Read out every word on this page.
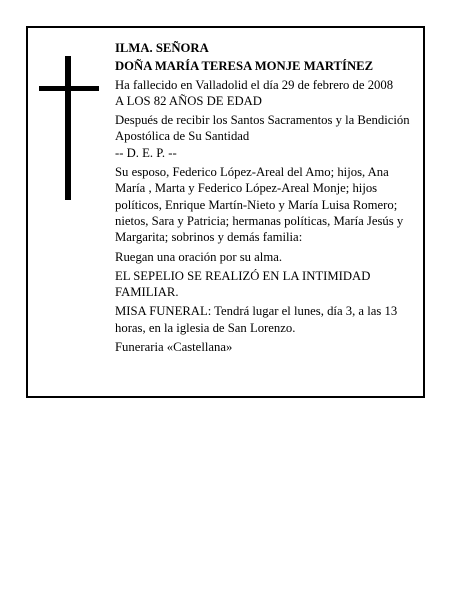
ILMA. SEÑORA

DOÑA MARÍA TERESA MONJE MARTÍNEZ

Ha fallecido en Valladolid el día 29 de febrero de 2008

A LOS 82 AÑOS DE EDAD

Después de recibir los Santos Sacramentos y la Bendición Apostólica de Su Santidad

-- D. E. P. --

Su esposo, Federico López-Areal del Amo; hijos, Ana María , Marta y Federico López-Areal Monje; hijos políticos, Enrique Martín-Nieto y María Luisa Romero; nietos, Sara y Patricia; hermanas políticas, María Jesús y Margarita; sobrinos y demás familia:

Ruegan una oración por su alma.

EL SEPELIO SE REALIZÓ EN LA INTIMIDAD FAMILIAR.

MISA FUNERAL: Tendrá lugar el lunes, día 3, a las 13 horas, en la iglesia de San Lorenzo.

Funeraria «Castellana»
